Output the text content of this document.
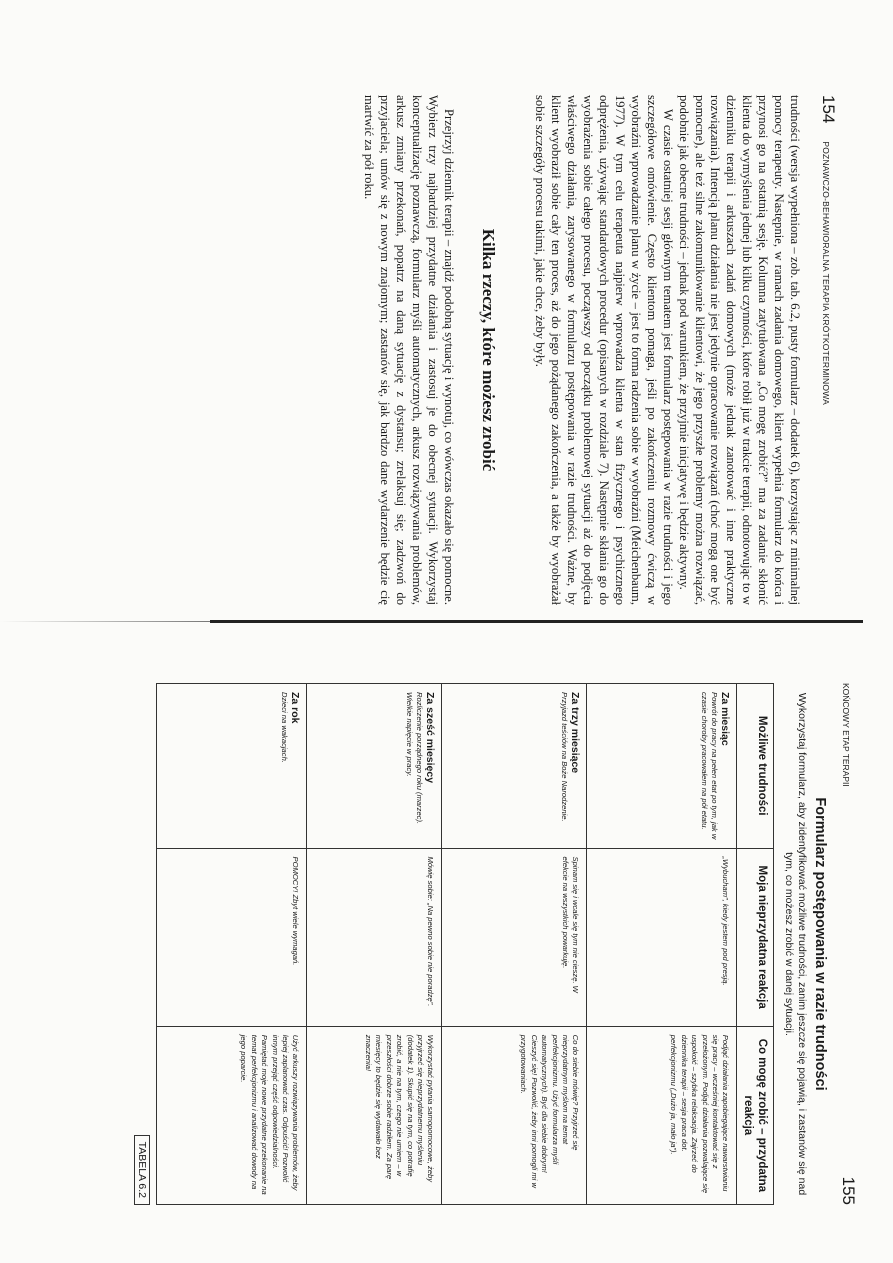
154
POZNAWCZO-BEHAWIORALNA TERAPIA KRÓTKOTERMINOWA

trudności (wersja wypełniona – zob. tab. 6.2, pusty formularz – dodatek 6), korzystając z minimalnej pomocy terapeuty. Następnie, w ramach zadania domowego, klient wypełnia formularz do końca i przynosi go na ostatnią sesję. Kolumna zatytułowana „Co mogę zrobić?” ma za zadanie skłonić klienta do wymyślenia jednej lub kilku czynności, które robił już w trakcie terapii, odnotowując to w dzienniku terapii i arkuszach zadań domowych (może jednak zanotować i inne praktyczne rozwiązania). Intencją planu działania nie jest jedynie opracowanie rozwiązań (choć mogą one być pomocne), ale też silne zakomunikowanie klientowi, że jego przyszłe problemy można rozwiązać, podobnie jak obecne trudności – jednak pod warunkiem, że przyjmie inicjatywę i będzie aktywny.

W czasie ostatniej sesji głównym tematem jest formularz postępowania w razie trudności i jego szczegółowe omówienie. Często klientom pomaga, jeśli po zakończeniu rozmowy ćwiczą w wyobraźni wprowadzanie planu w życie – jest to forma radzenia sobie w wyobraźni (Meichenbaum, 1977). W tym celu terapeuta najpierw wprowadza klienta w stan fizycznego i psychicznego odprężenia, używając standardowych procedur (opisanych w rozdziale 7). Następnie skłania go do wyobrażenia sobie całego procesu, począwszy od początku problemowej sytuacji aż do podjęcia właściwego działania, zarysowanego w formularzu postępowania w razie trudności. Ważne, by klient wyobraził sobie cały ten proces, aż do jego pożądanego zakończenia, a także by wyobrażał sobie szczegóły procesu takimi, jakie chce, żeby były.

Kilka rzeczy, które możesz zrobić

Przejrzyj dziennik terapii – znajdź podobną sytuację i wynotuj, co wówczas okazało się pomocne. Wybierz trzy najbardziej przydatne działania i zastosuj je do obecnej sytuacji. Wykorzystaj konceptualizację poznawczą, formularz myśli automatycznych, arkusz rozwiązywania problemów, arkusz zmiany przekonań, popatrz na daną sytuację z dystansu; zrelaksuj się; zadzwoń do przyjaciela; umów się z nowym znajomym; zastanów się, jak bardzo dane wydarzenie będzie cię martwić za pół roku.

KOŃCOWY ETAP TERAPII
155
Formularz postępowania w razie trudności
Wykorzystaj formularz, aby zidentyfikować możliwe trudności, zanim jeszcze się pojawią, i zastanów się nad tym, co możesz zrobić w danej sytuacji.
Możliwe trudności	Moja nieprzydatna reakcja	Co mogę zrobić – przydatna reakcja

Za miesiąc
Powrót do pracy na pełen etat po tym, jak w czasie choroby pracowałem na pół etatu.	„Wybucham”, kiedy jestem pod presją.	Podjąć działania zapobiegające nawarstwianiu się pracy – wcześniej kontaktować się z przełożonym. Podjąć działania pozwalające się uspokoić – szybka relaksacja. Zajrzeć do dziennika terapii – sesja praca dot. perfekcjonizmu („Dużo ja, mało ja”).

Za trzy miesiące
Przyjazd teściów na Boże Narodzenie.	Spinam się i wcale się tym nie cieszę. W efekcie na wszystkich powarkuję.	Co do siebie mówię? Przyjrzeć się nieprzydatnym myślom na temat perfekcjonizmu. Użyć formularza myśli automatycznych). Być dla siebie dobrym! Cieszyć się! Pozwolić, żeby inni pomogli mi w przygotowaniach.

Za sześć miesięcy
Rozliczenie porządnego roku (marzec). Wielkie napięcie w pracy.	Mówię sobie: „Na pewno sobie nie poradzę”.	Wykorzystać pytania samopomocowe, żeby przyjrzeć się nieprzydatnemu myśleniu (dodatek 1). Skupić się na tym, co potrafię zrobić, a nie na tym, czego nie umiem – w przeszłości dobrze sobie radziłem. Za parę miesięcy to będzie się wydawało bez znaczenia!

Za rok
Dzieci na wakacjach.	POMOCY! Zbyt wiele wymagań.	Użyć arkuszy rozwiązywania problemów, żeby lepiej zaplanować czas. Odpuścić! Pozwolić innym przejąć część odpowiedzialności. Pamiętać moje nowe przydatne przekonanie na temat perfekcjonizmu i analizować dowody na jego poparcie.
TABELA 6.2
